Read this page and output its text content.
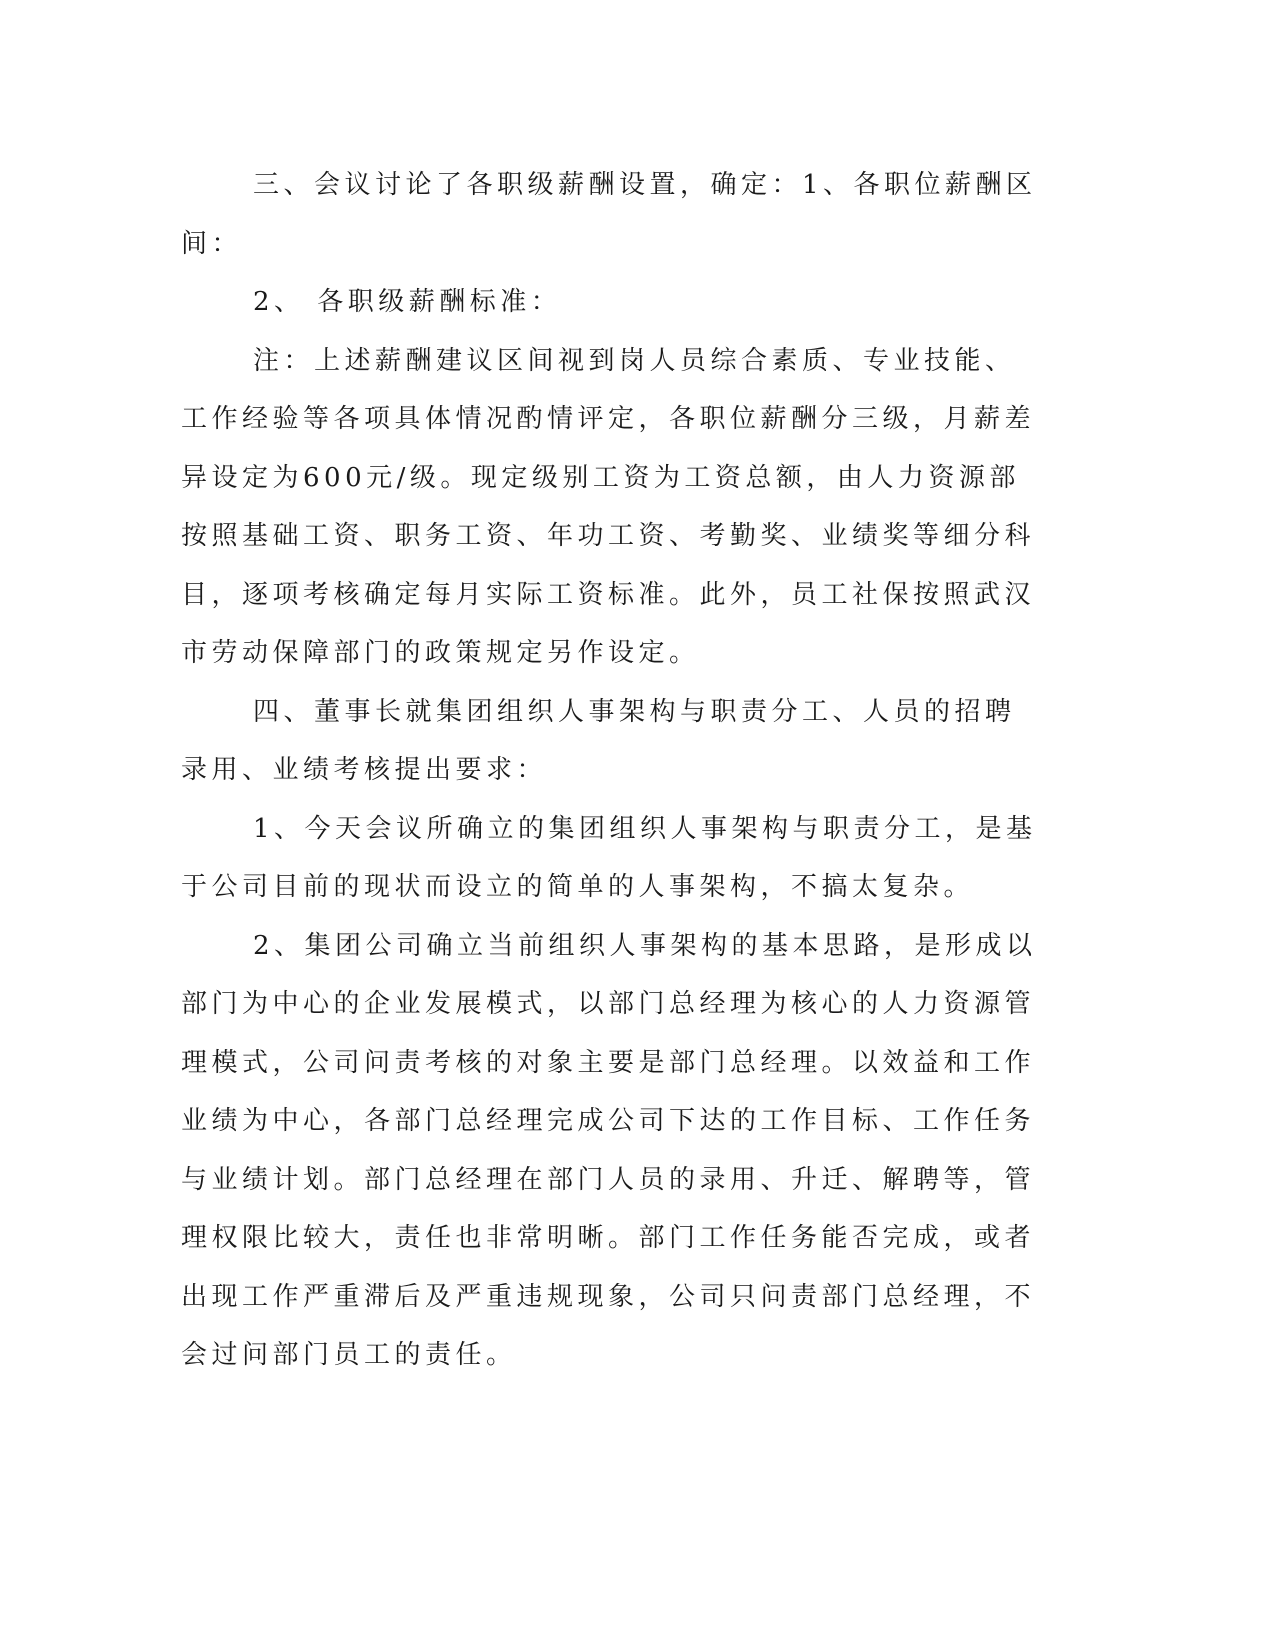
三、会议讨论了各职级薪酬设置，确定：1、各职位薪酬区间：

2、 各职级薪酬标准：

注：上述薪酬建议区间视到岗人员综合素质、专业技能、工作经验等各项具体情况酌情评定，各职位薪酬分三级，月薪差异设定为600元/级。现定级别工资为工资总额，由人力资源部按照基础工资、职务工资、年功工资、考勤奖、业绩奖等细分科目，逐项考核确定每月实际工资标准。此外，员工社保按照武汉市劳动保障部门的政策规定另作设定。

四、董事长就集团组织人事架构与职责分工、人员的招聘录用、业绩考核提出要求：

1、今天会议所确立的集团组织人事架构与职责分工，是基于公司目前的现状而设立的简单的人事架构，不搞太复杂。

2、集团公司确立当前组织人事架构的基本思路，是形成以部门为中心的企业发展模式，以部门总经理为核心的人力资源管理模式，公司问责考核的对象主要是部门总经理。以效益和工作业绩为中心，各部门总经理完成公司下达的工作目标、工作任务与业绩计划。部门总经理在部门人员的录用、升迁、解聘等，管理权限比较大，责任也非常明晰。部门工作任务能否完成，或者出现工作严重滞后及严重违规现象，公司只问责部门总经理，不会过问部门员工的责任。
